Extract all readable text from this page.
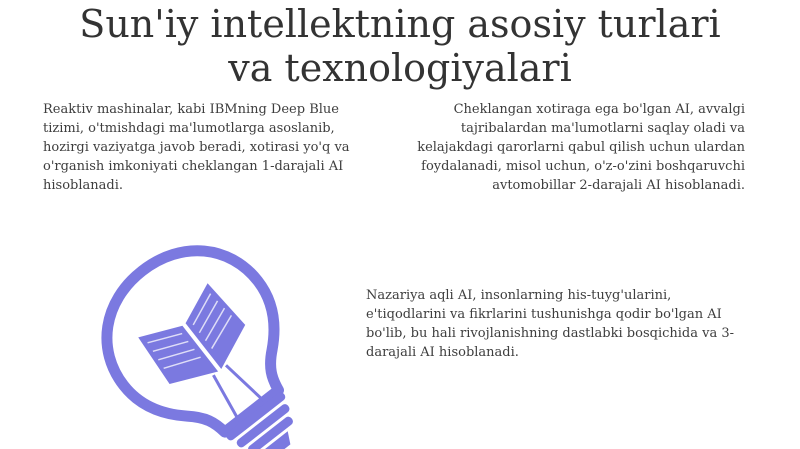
Sun'iy intellektning asosiy turlari
va texnologiyalari

Reaktiv mashinalar, kabi IBMning Deep Blue tizimi, o'tmishdagi ma'lumotlarga asoslanib, hozirgi vaziyatga javob beradi, xotirasi yo'q va o'rganish imkoniyati cheklangan 1-darajali AI hisoblanadi.

Cheklangan xotiraga ega bo'lgan AI, avvalgi tajribalardan ma'lumotlarni saqlay oladi va kelajakdagi qarorlarni qabul qilish uchun ulardan foydalanadi, misol uchun, o'z-o'zini boshqaruvchi avtomobillar 2-darajali AI hisoblanadi.

Nazariya aqli AI, insonlarning his-tuyg'ularini, e'tiqodlarini va fikrlarini tushunishga qodir bo'lgan AI bo'lib, bu hali rivojlanishning dastlabki bosqichida va 3-darajali AI hisoblanadi.
